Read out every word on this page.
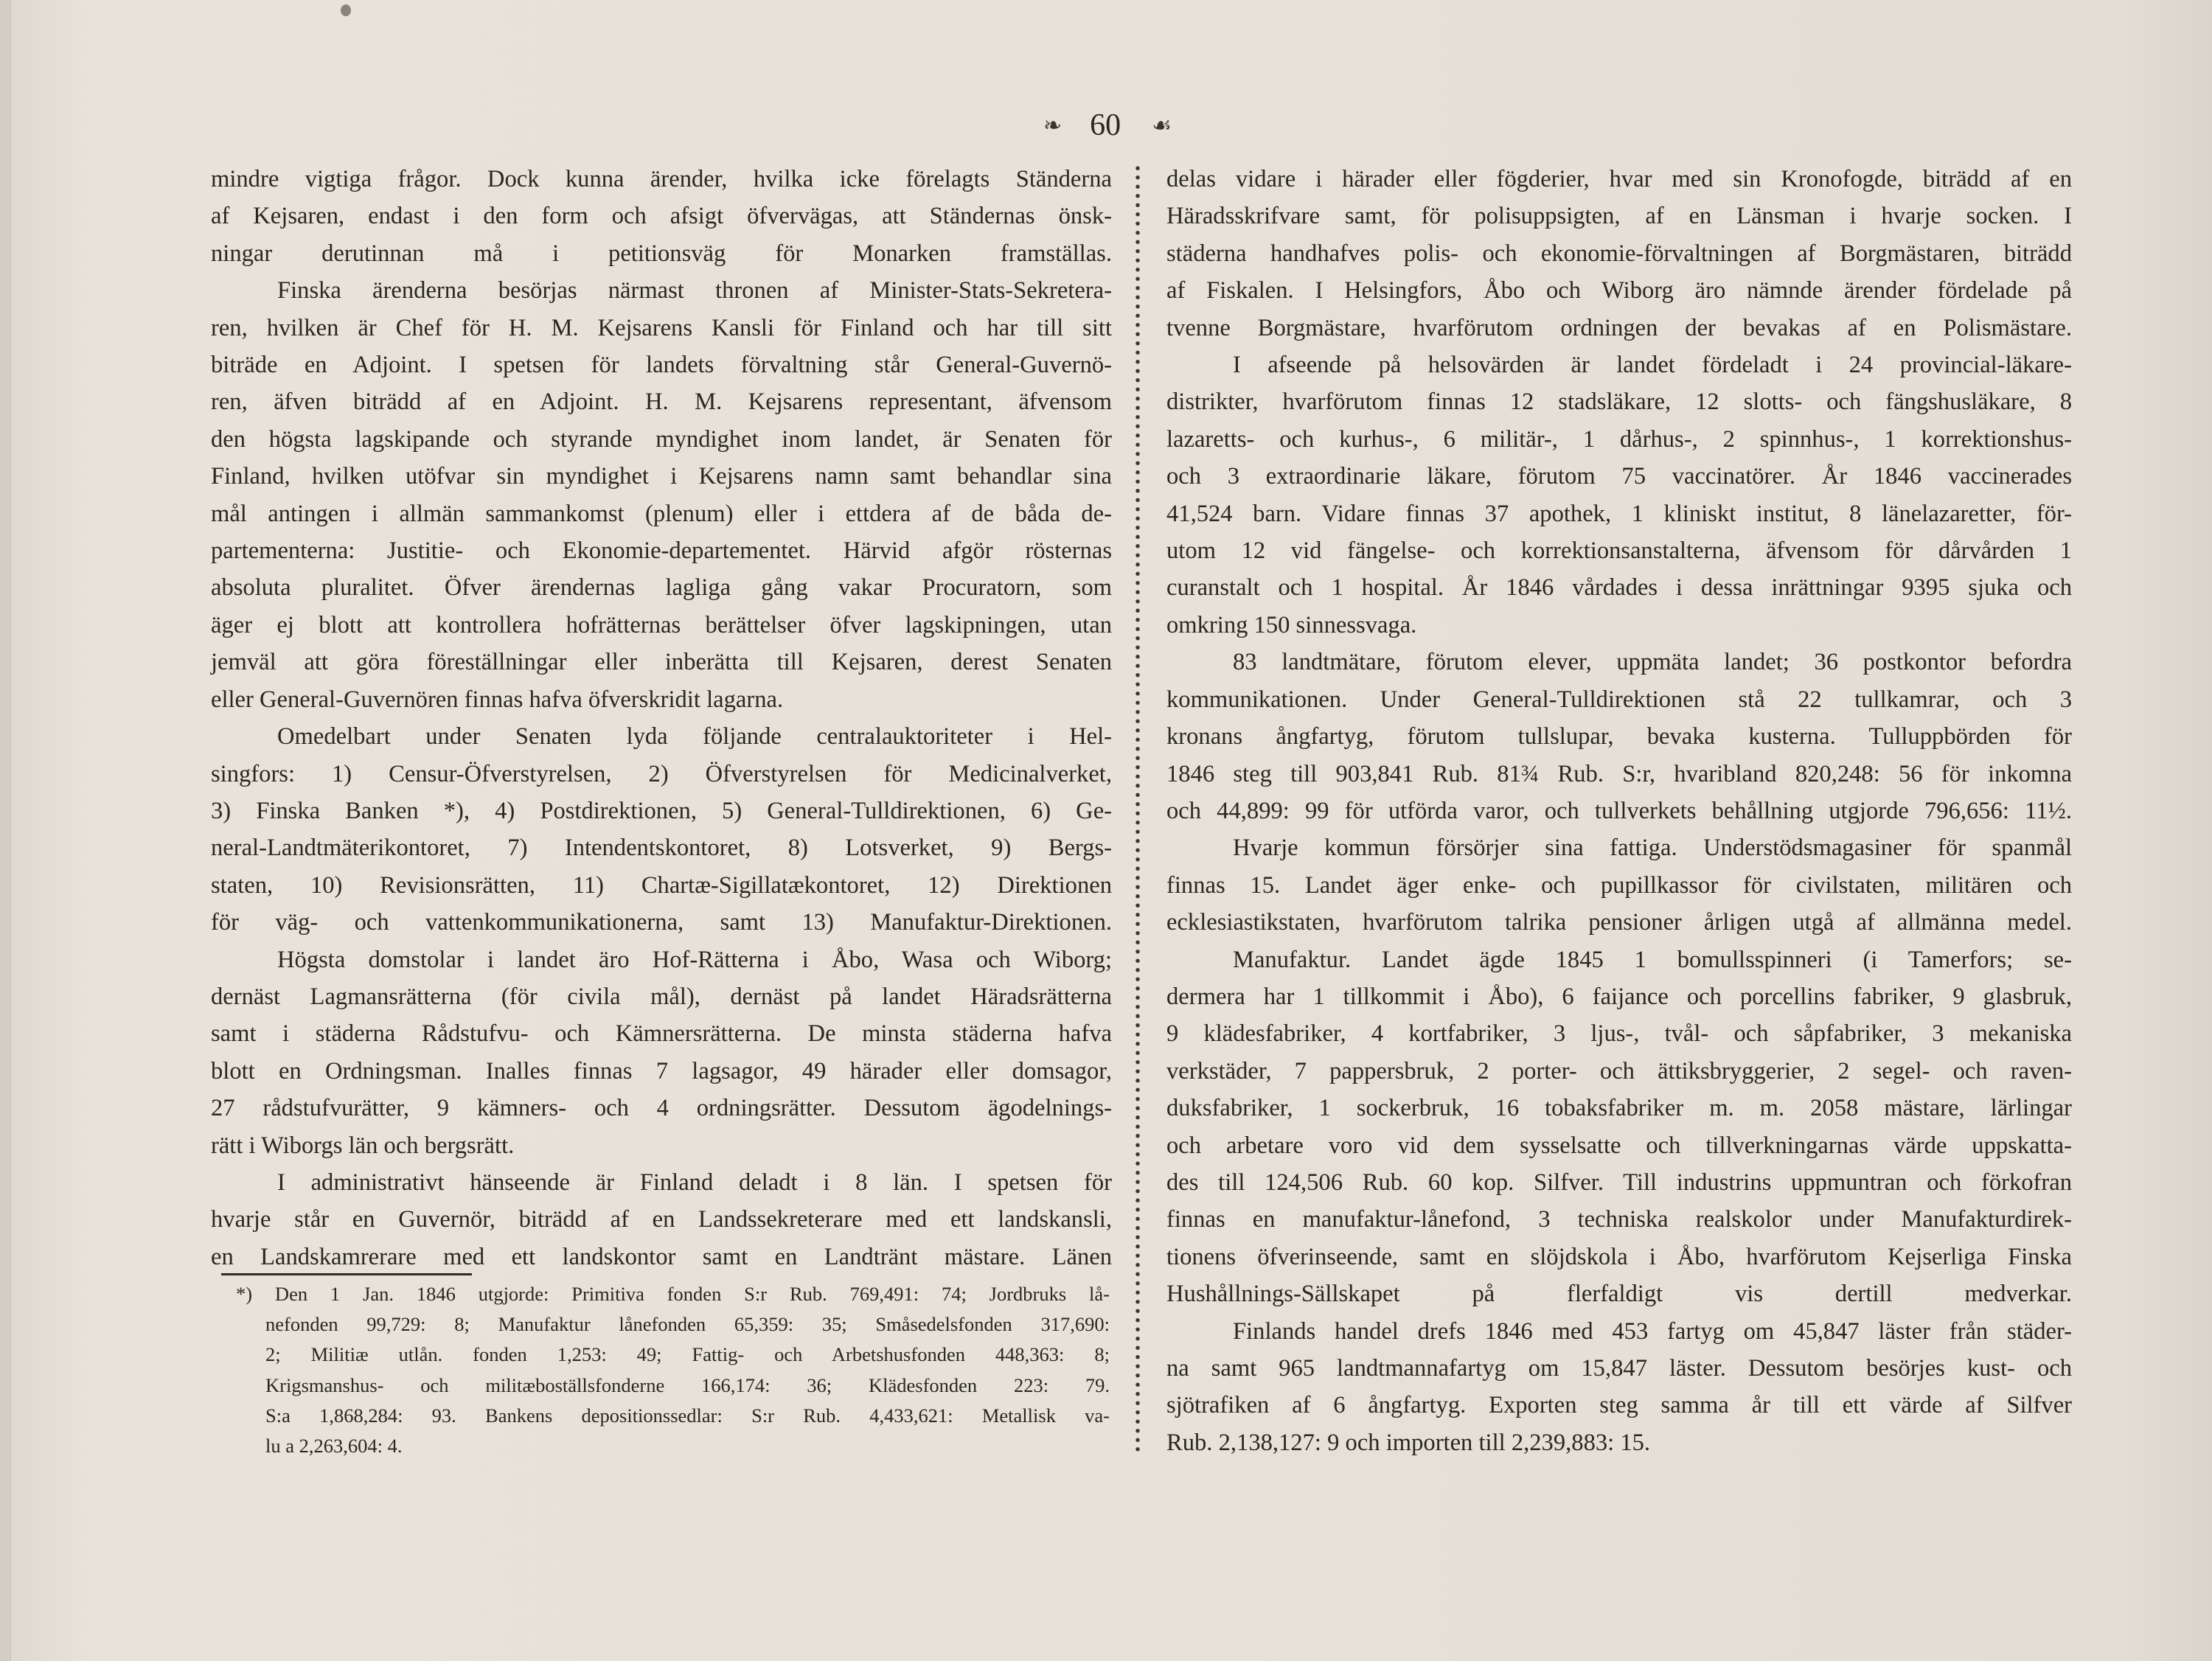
❧ 60 ☙

mindre vigtiga frågor. Dock kunna ärender, hvilka icke förelagts Ständerna
af Kejsaren, endast i den form och afsigt öfvervägas, att Ständernas önsk-
ningar derutinnan må i petitionsväg för Monarken framställas.

Finska ärenderna besörjas närmast thronen af Minister-Stats-Sekretera-
ren, hvilken är Chef för H. M. Kejsarens Kansli för Finland och har till sitt
biträde en Adjoint. I spetsen för landets förvaltning står General-Guvernö-
ren, äfven biträdd af en Adjoint. H. M. Kejsarens representant, äfvensom
den högsta lagskipande och styrande myndighet inom landet, är Senaten för
Finland, hvilken utöfvar sin myndighet i Kejsarens namn samt behandlar sina
mål antingen i allmän sammankomst (plenum) eller i ettdera af de båda de-
partementerna: Justitie- och Ekonomie-departementet. Härvid afgör rösternas
absoluta pluralitet. Öfver ärendernas lagliga gång vakar Procuratorn, som
äger ej blott att kontrollera hofrätternas berättelser öfver lagskipningen, utan
jemväl att göra föreställningar eller inberätta till Kejsaren, derest Senaten
eller General-Guvernören finnas hafva öfverskridit lagarna.

Omedelbart under Senaten lyda följande centralauktoriteter i Hel-
singfors: 1) Censur-Öfverstyrelsen, 2) Öfverstyrelsen för Medicinalverket,
3) Finska Banken *), 4) Postdirektionen, 5) General-Tulldirektionen, 6) Ge-
neral-Landtmäterikontoret, 7) Intendentskontoret, 8) Lotsverket, 9) Bergs-
staten, 10) Revisionsrätten, 11) Chartæ-Sigillatækontoret, 12) Direktionen
för väg- och vattenkommunikationerna, samt 13) Manufaktur-Direktionen.

Högsta domstolar i landet äro Hof-Rätterna i Åbo, Wasa och Wiborg;
dernäst Lagmansrätterna (för civila mål), dernäst på landet Häradsrätterna
samt i städerna Rådstufvu- och Kämnersrätterna. De minsta städerna hafva
blott en Ordningsman. Inalles finnas 7 lagsagor, 49 härader eller domsagor,
27 rådstufvurätter, 9 kämners- och 4 ordningsrätter. Dessutom ägodelnings-
rätt i Wiborgs län och bergsrätt.

I administrativt hänseende är Finland deladt i 8 län. I spetsen för
hvarje står en Guvernör, biträdd af en Landssekreterare med ett landskansli,
en Landskamrerare med ett landskontor samt en Landtränt mästare. Länen

delas vidare i härader eller fögderier, hvar med sin Kronofogde, biträdd af en
Häradsskrifvare samt, för polisuppsigten, af en Länsman i hvarje socken. I
städerna handhafves polis- och ekonomie-förvaltningen af Borgmästaren, biträdd
af Fiskalen. I Helsingfors, Åbo och Wiborg äro nämnde ärender fördelade på
tvenne Borgmästare, hvarförutom ordningen der bevakas af en Polismästare.

I afseende på helsovärden är landet fördeladt i 24 provincial-läkare-
distrikter, hvarförutom finnas 12 stadsläkare, 12 slotts- och fängshusläkare, 8
lazaretts- och kurhus-, 6 militär-, 1 dårhus-, 2 spinnhus-, 1 korrektionshus-
och 3 extraordinarie läkare, förutom 75 vaccinatörer. År 1846 vaccinerades
41,524 barn. Vidare finnas 37 apothek, 1 kliniskt institut, 8 länelazaretter, för-
utom 12 vid fängelse- och korrektionsanstalterna, äfvensom för dårvården 1
curanstalt och 1 hospital. År 1846 vårdades i dessa inrättningar 9395 sjuka och
omkring 150 sinnessvaga.

83 landtmätare, förutom elever, uppmäta landet; 36 postkontor befordra
kommunikationen. Under General-Tulldirektionen stå 22 tullkamrar, och 3
kronans ångfartyg, förutom tullslupar, bevaka kusterna. Tulluppbörden för
1846 steg till 903,841 Rub. 81¾ Rub. S:r, hvaribland 820,248: 56 för inkomna
och 44,899: 99 för utförda varor, och tullverkets behållning utgjorde 796,656: 11½.

Hvarje kommun försörjer sina fattiga. Understödsmagasiner för spanmål
finnas 15. Landet äger enke- och pupillkassor för civilstaten, militären och
ecklesiastikstaten, hvarförutom talrika pensioner årligen utgå af allmänna medel.

Manufaktur. Landet ägde 1845 1 bomullsspinneri (i Tamerfors; se-
dermera har 1 tillkommit i Åbo), 6 faijance och porcellins fabriker, 9 glasbruk,
9 klädesfabriker, 4 kortfabriker, 3 ljus-, tvål- och såpfabriker, 3 mekaniska
verkstäder, 7 pappersbruk, 2 porter- och ättiksbryggerier, 2 segel- och raven-
duksfabriker, 1 sockerbruk, 16 tobaksfabriker m. m. 2058 mästare, lärlingar
och arbetare voro vid dem sysselsatte och tillverkningarnas värde uppskatta-
des till 124,506 Rub. 60 kop. Silfver. Till industrins uppmuntran och förkofran
finnas en manufaktur-lånefond, 3 techniska realskolor under Manufakturdirek-
tionens öfverinseende, samt en slöjdskola i Åbo, hvarförutom Kejserliga Finska
Hushållnings-Sällskapet på flerfaldigt vis dertill medverkar.

Finlands handel drefs 1846 med 453 fartyg om 45,847 läster från städer-
na samt 965 landtmannafartyg om 15,847 läster. Dessutom besörjes kust- och
sjötrafiken af 6 ångfartyg. Exporten steg samma år till ett värde af Silfver
Rub. 2,138,127: 9 och importen till 2,239,883: 15.

*) Den 1 Jan. 1846 utgjorde: Primitiva fonden S:r Rub. 769,491: 74; Jordbruks lå-
nefonden 99,729: 8; Manufaktur lånefonden 65,359: 35; Småsedelsfonden 317,690:
2; Militiæ utlån. fonden 1,253: 49; Fattig- och Arbetshusfonden 448,363: 8;
Krigsmanshus- och militæboställsfonderne 166,174: 36; Klädesfonden 223: 79.
S:a 1,868,284: 93. Bankens depositionssedlar: S:r Rub. 4,433,621: Metallisk va-
lu a 2,263,604: 4.
